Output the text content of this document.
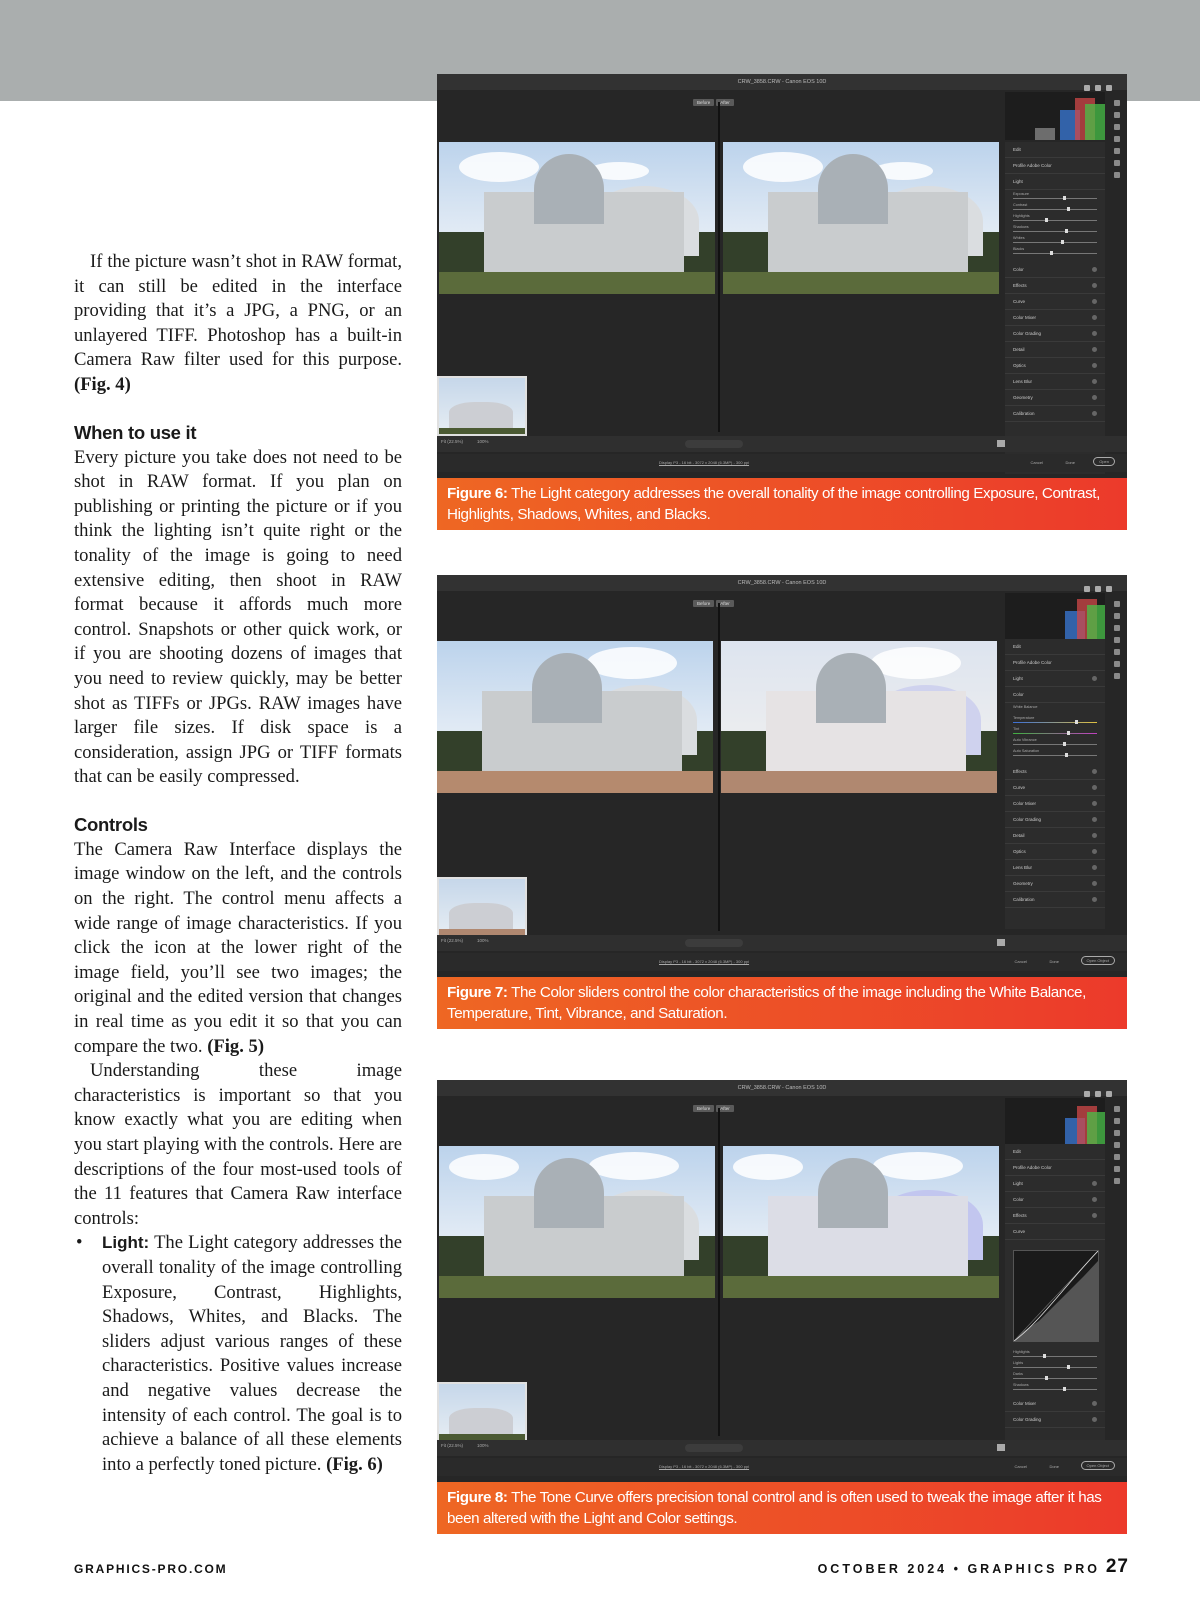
If the picture wasn’t shot in RAW format, it can still be edited in the interface providing that it’s a JPG, a PNG, or an unlayered TIFF. Photoshop has a built-in Camera Raw filter used for this purpose. (Fig. 4)

When to use it

Every picture you take does not need to be shot in RAW format. If you plan on publishing or printing the picture or if you think the lighting isn’t quite right or the tonality of the image is going to need extensive editing, then shoot in RAW format because it affords much more control. Snapshots or other quick work, or if you are shooting dozens of images that you need to review quickly, may be better shot as TIFFs or JPGs. RAW images have larger file sizes. If disk space is a consideration, assign JPG or TIFF formats that can be easily compressed.

Controls

The Camera Raw Interface displays the image window on the left, and the controls on the right. The control menu affects a wide range of image characteristics. If you click the icon at the lower right of the image field, you’ll see two images; the original and the edited version that changes in real time as you edit it so that you can compare the two. (Fig. 5)

Understanding these image characteristics is important so that you know exactly what you are editing when you start playing with the controls. Here are descriptions of the four most-used tools of the 11 features that Camera Raw interface controls:

• Light: The Light category addresses the overall tonality of the image controlling Exposure, Contrast, Highlights, Shadows, Whites, and Blacks. The sliders adjust various ranges of these characteristics. Positive values increase and negative values decrease the intensity of each control. The goal is to achieve a balance of all these elements into a perfectly toned picture. (Fig. 6)

CRW_3858.CRW - Canon EOS 10D
Before After
Edit
Profile Adobe Color
Light
Exposure
Contrast
Highlights
Shadows
Whites
Blacks
Color
Effects
Curve
Color Mixer
Color Grading
Detail
Optics
Lens Blur
Geometry
Calibration
Fit (22.5%)	100%
Display P3 - 16 bit - 3072 x 2048 (6.3MP) - 300 ppi	Cancel	Done	Open
Figure 6: The Light category addresses the overall tonality of the image controlling Exposure, Contrast, Highlights, Shadows, Whites, and Blacks.
CRW_3858.CRW - Canon EOS 10D
Before After
Edit
Profile Adobe Color
Light
Color
White Balance
Temperature
Tint
Auto Vibrance
Auto Saturation
Effects
Curve
Color Mixer
Color Grading
Detail
Optics
Lens Blur
Geometry
Calibration
Fit (22.5%)	100%
Display P3 - 16 bit - 3072 x 2048 (6.3MP) - 300 ppi	Cancel	Done	Open Object
Figure 7: The Color sliders control the color characteristics of the image including the White Balance, Temperature, Tint, Vibrance, and Saturation.
CRW_3858.CRW - Canon EOS 10D
Before After
Edit
Profile Adobe Color
Light
Color
Effects
Curve
Highlights
Lights
Darks
Shadows
Color Mixer
Color Grading
Fit (22.5%)	100%
Display P3 - 16 bit - 3072 x 2048 (6.3MP) - 300 ppi	Cancel	Done	Open Object
Figure 8: The Tone Curve offers precision tonal control and is often used to tweak the image after it has been altered with the Light and Color settings.
GRAPHICS-PRO.COM	OCTOBER 2024 • GRAPHICS PRO 27
